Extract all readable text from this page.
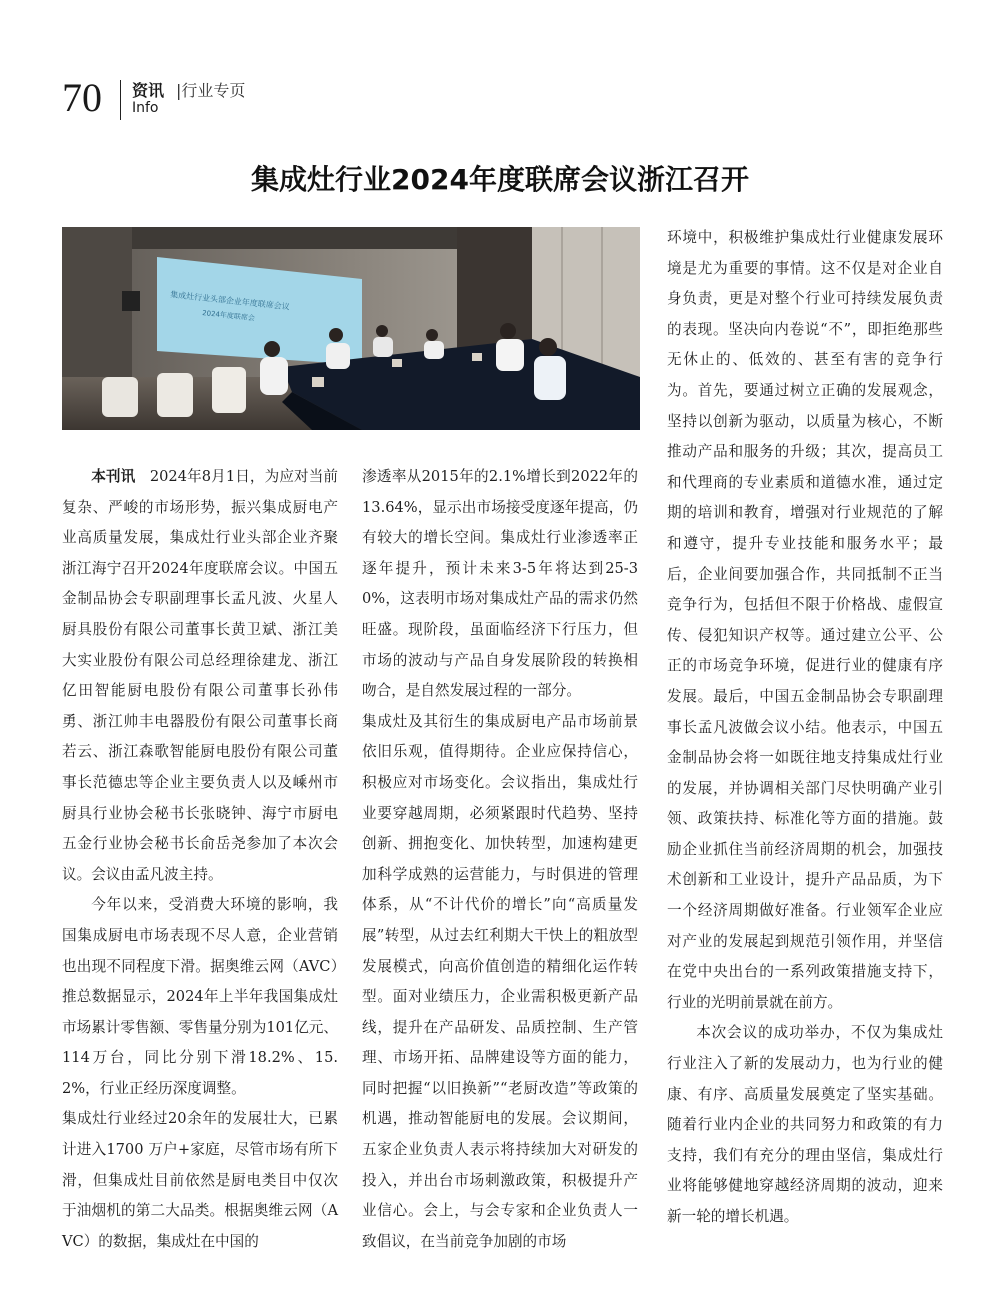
70 资讯
Info
|行业专页
集成灶行业2024年度联席会议浙江召开
集成灶行业头部企业年度联席会议
2024年度联席会

本刊讯  2024年8月1日，为应对当前复杂、严峻的市场形势，振兴集成厨电产业高质量发展，集成灶行业头部企业齐聚浙江海宁召开2024年度联席会议。中国五金制品协会专职副理事长孟凡波、火星人厨具股份有限公司董事长黄卫斌、浙江美大实业股份有限公司总经理徐建龙、浙江亿田智能厨电股份有限公司董事长孙伟勇、浙江帅丰电器股份有限公司董事长商若云、浙江森歌智能厨电股份有限公司董事长范德忠等企业主要负责人以及嵊州市厨具行业协会秘书长张晓钟、海宁市厨电五金行业协会秘书长俞岳尧参加了本次会议。会议由孟凡波主持。

今年以来，受消费大环境的影响，我国集成厨电市场表现不尽人意，企业营销也出现不同程度下滑。据奥维云网（AVC）推总数据显示，2024年上半年我国集成灶市场累计零售额、零售量分别为101亿元、114万台，同比分别下滑18.2%、15.2%，行业正经历深度调整。

集成灶行业经过20余年的发展壮大，已累计进入1700 万户+家庭，尽管市场有所下滑，但集成灶目前依然是厨电类目中仅次于油烟机的第二大品类。根据奥维云网（AVC）的数据，集成灶在中国的

渗透率从2015年的2.1%增长到2022年的13.64%，显示出市场接受度逐年提高，仍有较大的增长空间。集成灶行业渗透率正逐年提升，预计未来3-5年将达到25-30%，这表明市场对集成灶产品的需求仍然旺盛。现阶段，虽面临经济下行压力，但市场的波动与产品自身发展阶段的转换相吻合，是自然发展过程的一部分。

集成灶及其衍生的集成厨电产品市场前景依旧乐观，值得期待。企业应保持信心，积极应对市场变化。会议指出，集成灶行业要穿越周期，必须紧跟时代趋势、坚持创新、拥抱变化、加快转型，加速构建更加科学成熟的运营能力，与时俱进的管理体系，从“不计代价的增长”向“高质量发展”转型，从过去红利期大干快上的粗放型发展模式，向高价值创造的精细化运作转型。面对业绩压力，企业需积极更新产品线，提升在产品研发、品质控制、生产管理、市场开拓、品牌建设等方面的能力，同时把握“以旧换新”“老厨改造”等政策的机遇，推动智能厨电的发展。会议期间，五家企业负责人表示将持续加大对研发的投入，并出台市场刺激政策，积极提升产业信心。会上，与会专家和企业负责人一致倡议，在当前竞争加剧的市场

环境中，积极维护集成灶行业健康发展环境是尤为重要的事情。这不仅是对企业自身负责，更是对整个行业可持续发展负责的表现。坚决向内卷说“不”，即拒绝那些无休止的、低效的、甚至有害的竞争行为。首先，要通过树立正确的发展观念，坚持以创新为驱动，以质量为核心，不断推动产品和服务的升级；其次，提高员工和代理商的专业素质和道德水准，通过定期的培训和教育，增强对行业规范的了解和遵守，提升专业技能和服务水平；最后，企业间要加强合作，共同抵制不正当竞争行为，包括但不限于价格战、虚假宣传、侵犯知识产权等。通过建立公平、公正的市场竞争环境，促进行业的健康有序发展。最后，中国五金制品协会专职副理事长孟凡波做会议小结。他表示，中国五金制品协会将一如既往地支持集成灶行业的发展，并协调相关部门尽快明确产业引领、政策扶持、标准化等方面的措施。鼓励企业抓住当前经济周期的机会，加强技术创新和工业设计，提升产品品质，为下一个经济周期做好准备。行业领军企业应对产业的发展起到规范引领作用，并坚信在党中央出台的一系列政策措施支持下，行业的光明前景就在前方。

本次会议的成功举办，不仅为集成灶行业注入了新的发展动力，也为行业的健康、有序、高质量发展奠定了坚实基础。随着行业内企业的共同努力和政策的有力支持，我们有充分的理由坚信，集成灶行业将能够健地穿越经济周期的波动，迎来新一轮的增长机遇。
